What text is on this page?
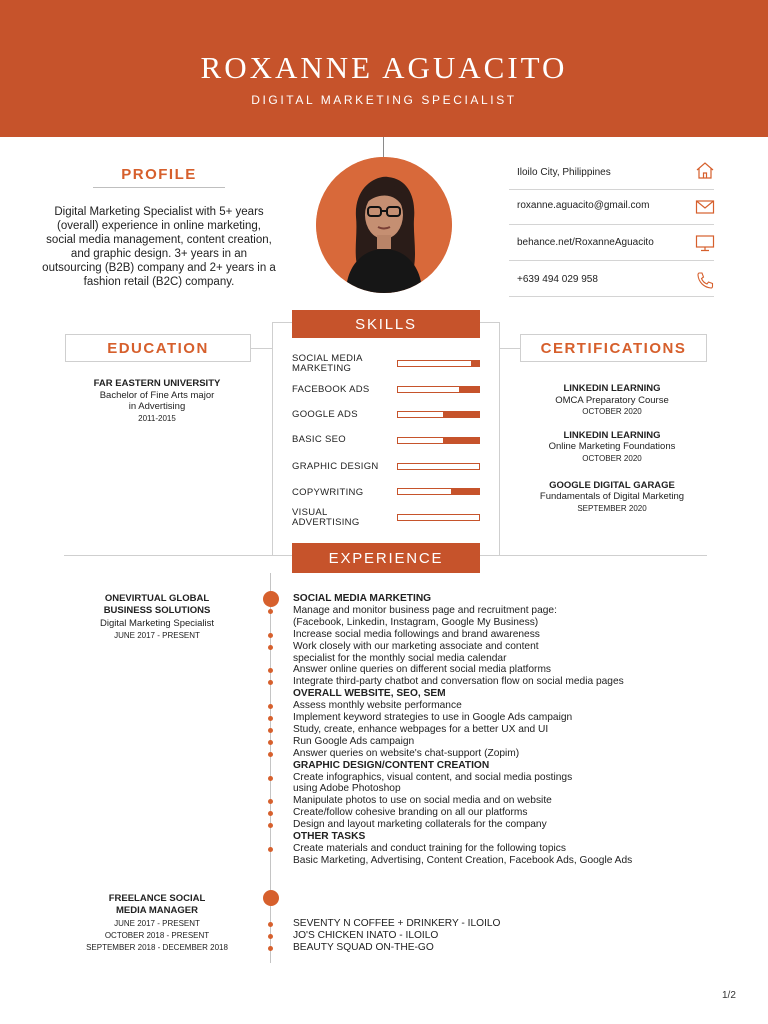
ROXANNE AGUACITO
DIGITAL MARKETING SPECIALIST
PROFILE
Digital Marketing Specialist with 5+ years (overall) experience in online marketing, social media management, content creation, and graphic design. 3+ years in an outsourcing (B2B) company and 2+ years in a fashion retail (B2C) company.
Iloilo City, Philippines
roxanne.aguacito@gmail.com
behance.net/RoxanneAguacito
+639 494 029 958
EDUCATION
FAR EASTERN UNIVERSITY
Bachelor of Fine Arts major
in Advertising
2011-2015
SKILLS
SOCIAL MEDIA
MARKETING
FACEBOOK ADS
GOOGLE ADS
BASIC SEO
GRAPHIC DESIGN
COPYWRITING
VISUAL
ADVERTISING
CERTIFICATIONS
LINKEDIN LEARNING
OMCA Preparatory Course
OCTOBER 2020
LINKEDIN LEARNING
Online Marketing Foundations
OCTOBER 2020
GOOGLE DIGITAL GARAGE
Fundamentals of Digital Marketing
SEPTEMBER 2020
EXPERIENCE
ONEVIRTUAL GLOBAL
BUSINESS SOLUTIONS
Digital Marketing Specialist
JUNE 2017 - PRESENT
SOCIAL MEDIA MARKETING
Manage and monitor business page and recruitment page:
(Facebook, Linkedin, Instagram, Google My Business)
Increase social media followings and brand awareness
Work closely with our marketing associate and content
specialist for the monthly social media calendar
Answer online queries on different social media platforms
Integrate third-party chatbot and conversation flow on social media pages
OVERALL WEBSITE, SEO, SEM
Assess monthly website performance
Implement keyword strategies to use in Google Ads campaign
Study, create, enhance webpages for a better UX and UI
Run Google Ads campaign
Answer queries on website's chat-support (Zopim)
GRAPHIC DESIGN/CONTENT CREATION
Create infographics, visual content, and social media postings
using Adobe Photoshop
Manipulate photos to use on social media and on website
Create/follow cohesive branding on all our platforms
Design and layout marketing collaterals for the company
OTHER TASKS
Create materials and conduct training for the following topics
Basic Marketing, Advertising, Content Creation, Facebook Ads, Google Ads
FREELANCE SOCIAL
MEDIA MANAGER
JUNE 2017 - PRESENT
OCTOBER 2018 - PRESENT
SEPTEMBER 2018 - DECEMBER 2018
SEVENTY N COFFEE + DRINKERY - ILOILO
JO'S CHICKEN INATO - ILOILO
BEAUTY SQUAD ON-THE-GO
1/2
